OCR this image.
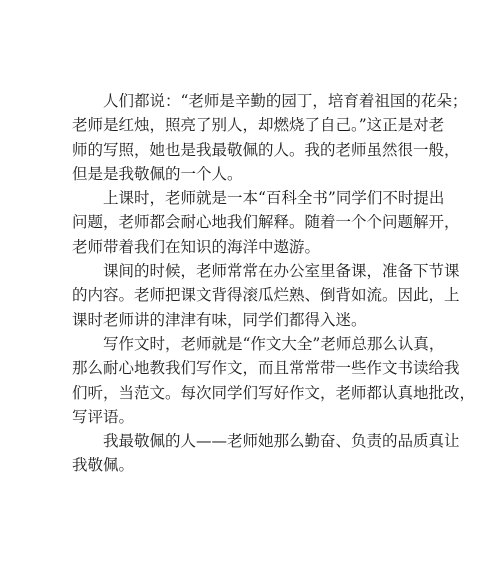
人们都说：“老师是辛勤的园丁，培育着祖国的花朵；
老师是红烛，照亮了别人，却燃烧了自己。”这正是对老
师的写照，她也是我最敬佩的人。我的老师虽然很一般，
但是是我敬佩的一个人。
上课时，老师就是一本“百科全书”同学们不时提出
问题，老师都会耐心地我们解释。随着一个个问题解开，
老师带着我们在知识的海洋中遨游。
课间的时候，老师常常在办公室里备课，准备下节课
的内容。老师把课文背得滚瓜烂熟、倒背如流。因此，上
课时老师讲的津津有味，同学们都得入迷。
写作文时，老师就是“作文大全”老师总那么认真，
那么耐心地教我们写作文，而且常常带一些作文书读给我
们听，当范文。每次同学们写好作文，老师都认真地批改，
写评语。
我最敬佩的人——老师她那么勤奋、负责的品质真让
我敬佩。
